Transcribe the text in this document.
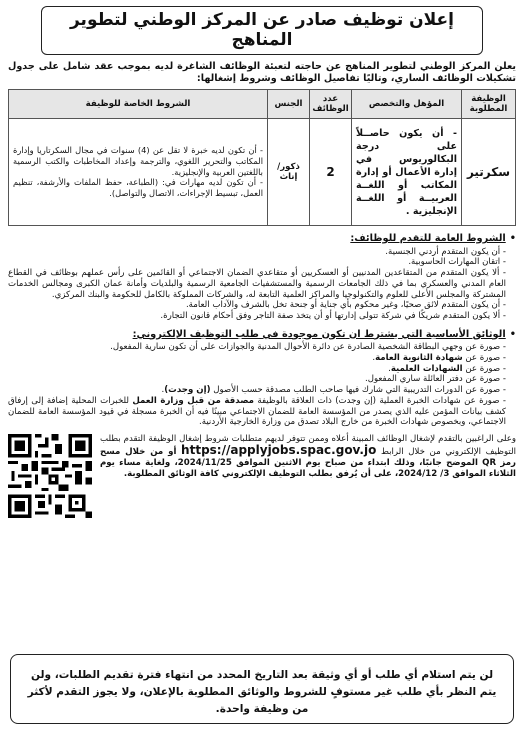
إعلان توظيف صادر عن المركز الوطني لتطوير المناهج
يعلن المركز الوطني لتطوير المناهج عن حاجته لتعبئة الوظائف الشاغرة لديه بموجب عقد شامل على جدول تشكيلات الوظائف الساري، وتاليًا تفاصيل الوظائف وشروط إشغالها:
الوظيفة المطلوبة	المؤهل والتخصص	عدد الوظائف	الجنس	الشروط الخاصة للوظيفة
سكرتير	- أن يكون حاصــلاً على درجة البكالوريوس في إدارة الأعمال أو إدارة المكاتب أو اللغــة العربيــة أو اللغــة الإنجليزية .	2	ذكور/ إناث	- أن تكون لديه خبرة لا تقل عن (4) سنوات في مجال السكرتاريا وإدارة المكاتب والتحرير اللغوي، والترجمة وإعداد المخاطبات والكتب الرسمية باللغتين العربية والإنجليزية.
- أن تكون لديه مهارات في: (الطباعة، حفظ الملفات والأرشفة، تنظيم العمل، تبسيط الإجراءات، الاتصال والتواصل).
•الشروط العامة للتقدم للوظائف:
- أن يكون المتقدم أردني الجنسية.
- اتقان المهارات الحاسوبية.
- ألا يكون المتقدم من المتقاعدين المدنيين أو العسكريين أو متقاعدي الضمان الاجتماعي أو القائمين على رأس عملهم بوظائف في القطاع العام المدني والعسكري بما في ذلك الجامعات الرسمية والمستشفيات الجامعية الرسمية والبلديات وأمانة عمان الكبرى ومجالس الخدمات المشتركة والمجلس الأعلى للعلوم والتكنولوجيا والمراكز العلمية التابعة له، والشركات المملوكة بالكامل للحكومة والبنك المركزي.
- أن يكون المتقدم لائق صحيًا، وغير محكوم بأي جناية أو جنحة تخل بالشرف والآداب العامة.
- ألا يكون المتقدم شريكًا في شركة تتولى إدارتها أو أن يتخذ صفة التاجر وفق أحكام قانون التجارة.
•الوثائق الأساسية التي يشترط ان تكون موجودة في طلب التوظيف الإلكتروني:
- صورة عن وجهي البطاقة الشخصية الصادرة عن دائرة الأحوال المدنية والجوازات على أن تكون سارية المفعول.
- صورة عن شهادة الثانوية العامة.
- صورة عن الشهادات العلمية.
- صورة عن دفتر العائلة ساري المفعول.
- صورة عن الدورات التدريبية التي شارك فيها صاحب الطلب مصدقة حسب الأصول (إن وجدت).
- صورة عن شهادات الخبرة العملية (إن وجدت) ذات العلاقة بالوظيفة مصدقة من قبل وزارة العمل للخبرات المحلية إضافة إلى إرفاق كشف بيانات المؤمن عليه الذي يصدر من المؤسسة العامة للضمان الاجتماعي مبينًا فيه أن الخبرة مسجلة في قيود المؤسسة العامة للضمان الاجتماعي، وبخصوص شهادات الخبرة من خارج البلاد تصدق من وزارة الخارجية الأردنية.
وعلى الراغبين بالتقدم لإشغال الوظائف المبينة أعلاه وممن تتوفر لديهم متطلبات شروط إشغال الوظيفة التقدم بطلب التوظيف الإلكتروني من خلال الرابط https://applyjobs.spac.gov.jo أو من خلال مسح رمز QR الموضح جانبًا، وذلك ابتداء من صباح يوم الاثنين الموافق 2024/11/25، ولغاية مساء يوم الثلاثاء الموافق 3/ 2024/12، على أن يُرفق بطلب التوظيف الإلكتروني كافة الوثائق المطلوبة.
لن يتم استلام أي طلب أو أي وثيقة بعد التاريخ المحدد من انتهاء فترة تقديم الطلبات، ولن يتم النظر بأي طلب غير مستوفٍ للشروط والوثائق المطلوبة بالإعلان، ولا يجوز التقدم لأكثر من وظيفة واحدة.
